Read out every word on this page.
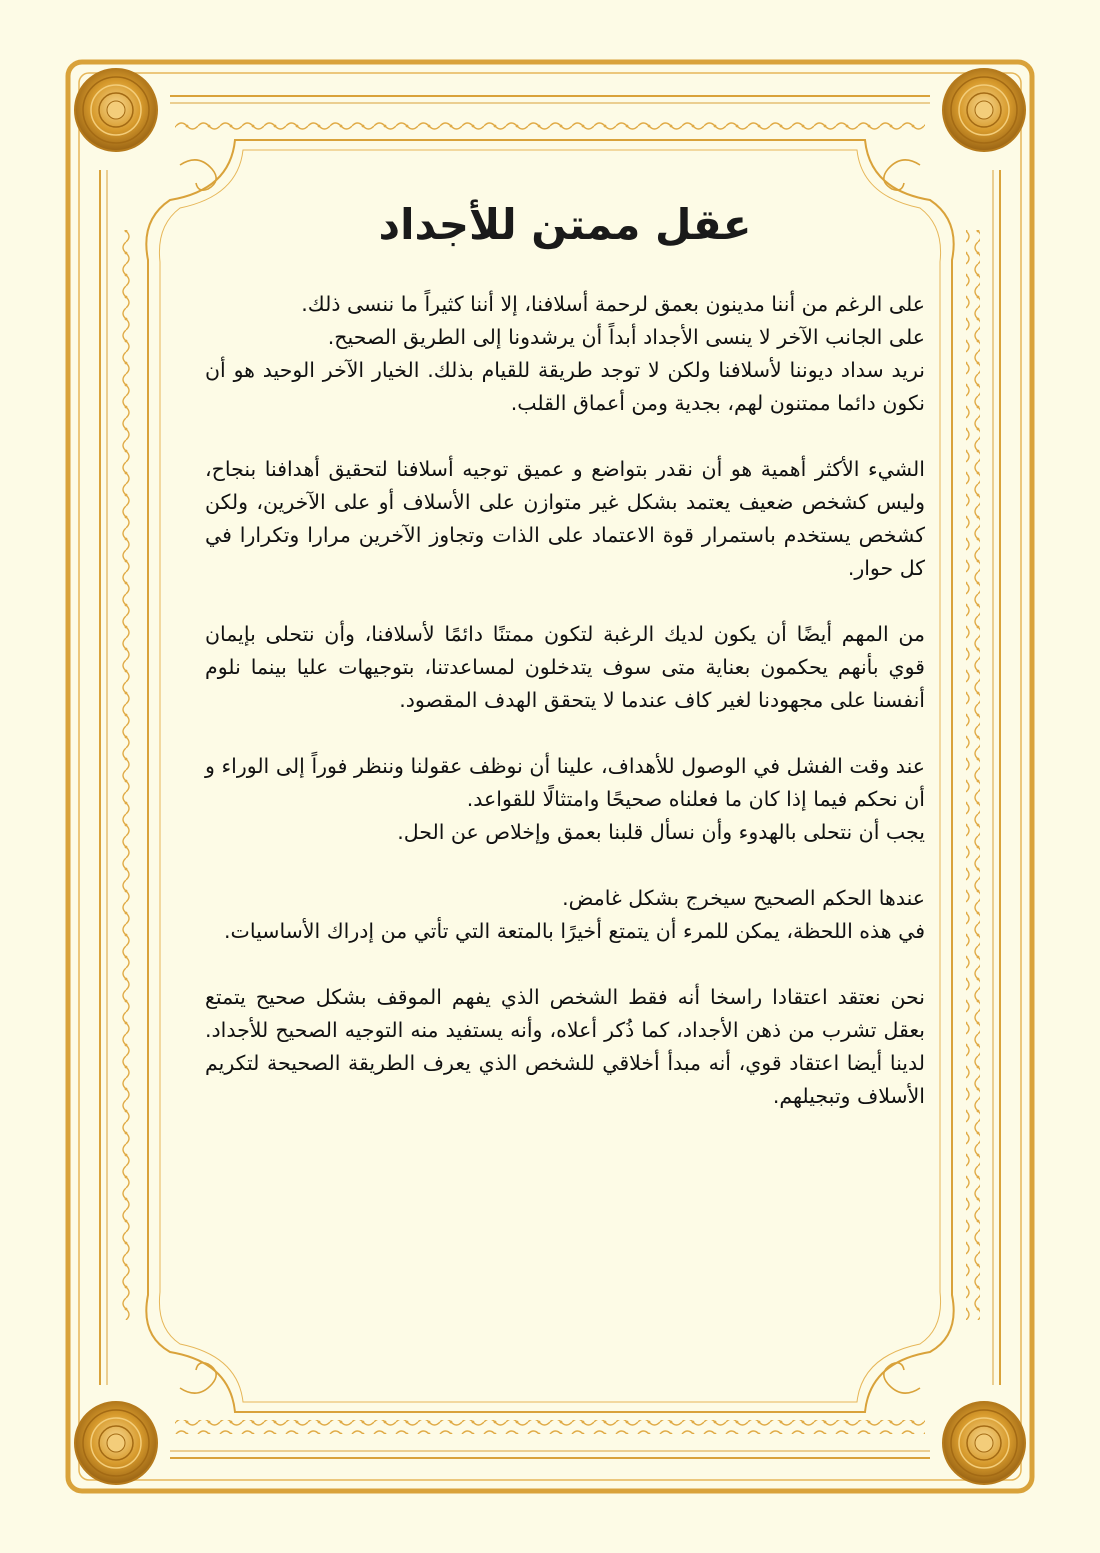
عقل ممتن للأجداد

على الرغم من أننا مدينون بعمق لرحمة أسلافنا، إلا أننا كثيراً ما ننسى ذلك.
على الجانب الآخر لا ينسى الأجداد أبداً أن يرشدونا إلى الطريق الصحيح.
نريد سداد ديوننا لأسلافنا ولكن لا توجد طريقة للقيام بذلك. الخيار الآخر الوحيد هو أن نكون دائما ممتنون لهم، بجدية ومن أعماق القلب.

الشيء الأكثر أهمية هو أن نقدر بتواضع و عميق توجيه أسلافنا لتحقيق أهدافنا بنجاح، وليس كشخص ضعيف يعتمد بشكل غير متوازن على الأسلاف أو على الآخرين، ولكن كشخص يستخدم باستمرار قوة الاعتماد على الذات وتجاوز الآخرين مرارا وتكرارا في كل حوار.

من المهم أيضًا أن يكون لديك الرغبة لتكون ممتنًا دائمًا لأسلافنا، وأن نتحلى بإيمان قوي بأنهم يحكمون بعناية متى سوف يتدخلون لمساعدتنا، بتوجيهات عليا بينما نلوم أنفسنا على مجهودنا لغير كاف عندما لا يتحقق الهدف المقصود.

عند وقت الفشل في الوصول للأهداف، علينا أن نوظف عقولنا وننظر فوراً إلى الوراء و أن نحكم فيما إذا كان ما فعلناه صحيحًا وامتثالًا للقواعد.
يجب أن نتحلى بالهدوء وأن نسأل قلبنا بعمق وإخلاص عن الحل.

عندها الحكم الصحيح سيخرج بشكل غامض.
في هذه اللحظة، يمكن للمرء أن يتمتع أخيرًا بالمتعة التي تأتي من إدراك الأساسيات.

نحن نعتقد اعتقادا راسخا أنه فقط الشخص الذي يفهم الموقف بشكل صحيح يتمتع بعقل تشرب من ذهن الأجداد، كما ذُكر أعلاه، وأنه يستفيد منه التوجيه الصحيح للأجداد. لدينا أيضا اعتقاد قوي، أنه مبدأ أخلاقي للشخص الذي يعرف الطريقة الصحيحة لتكريم الأسلاف وتبجيلهم.
